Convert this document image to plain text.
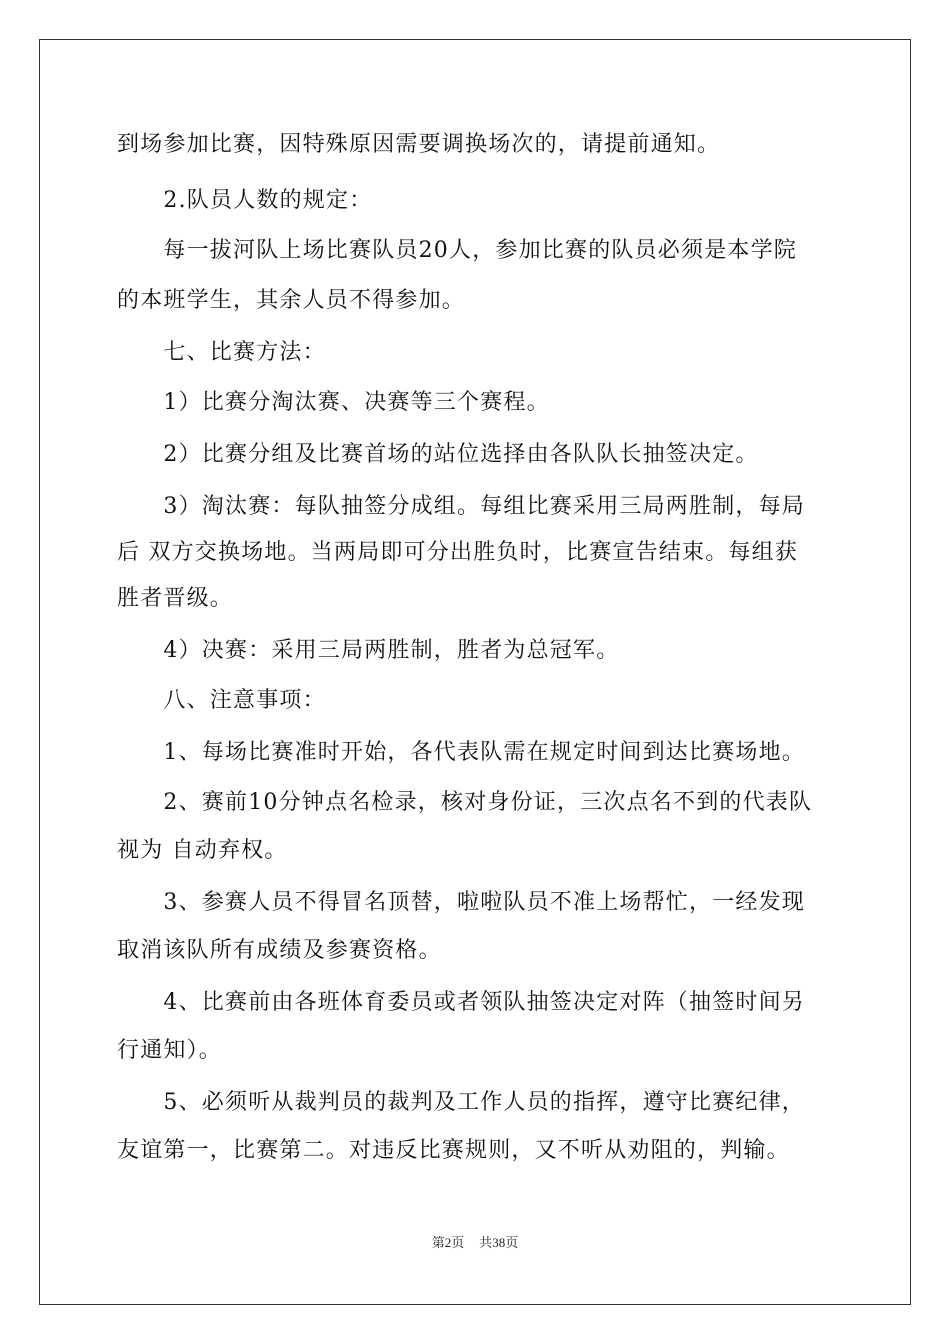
到场参加比赛，因特殊原因需要调换场次的，请提前通知。
　　2.队员人数的规定：
　　每一拔河队上场比赛队员20人，参加比赛的队员必须是本学院
的本班学生，其余人员不得参加。
　　七、比赛方法：
　　1）比赛分淘汰赛、决赛等三个赛程。
　　2）比赛分组及比赛首场的站位选择由各队队长抽签决定。
　　3）淘汰赛：每队抽签分成组。每组比赛采用三局两胜制，每局
后 双方交换场地。当两局即可分出胜负时，比赛宣告结束。每组获
胜者晋级。
　　4）决赛：采用三局两胜制，胜者为总冠军。
　　八、注意事项：
　　1、每场比赛准时开始，各代表队需在规定时间到达比赛场地。
　　2、赛前10分钟点名检录，核对身份证，三次点名不到的代表队
视为 自动弃权。
　　3、参赛人员不得冒名顶替，啦啦队员不准上场帮忙，一经发现
取消该队所有成绩及参赛资格。
　　4、比赛前由各班体育委员或者领队抽签决定对阵（抽签时间另
行通知）。
　　5、必须听从裁判员的裁判及工作人员的指挥，遵守比赛纪律，
友谊第一，比赛第二。对违反比赛规则，又不听从劝阻的，判输。
第2页 共38页
